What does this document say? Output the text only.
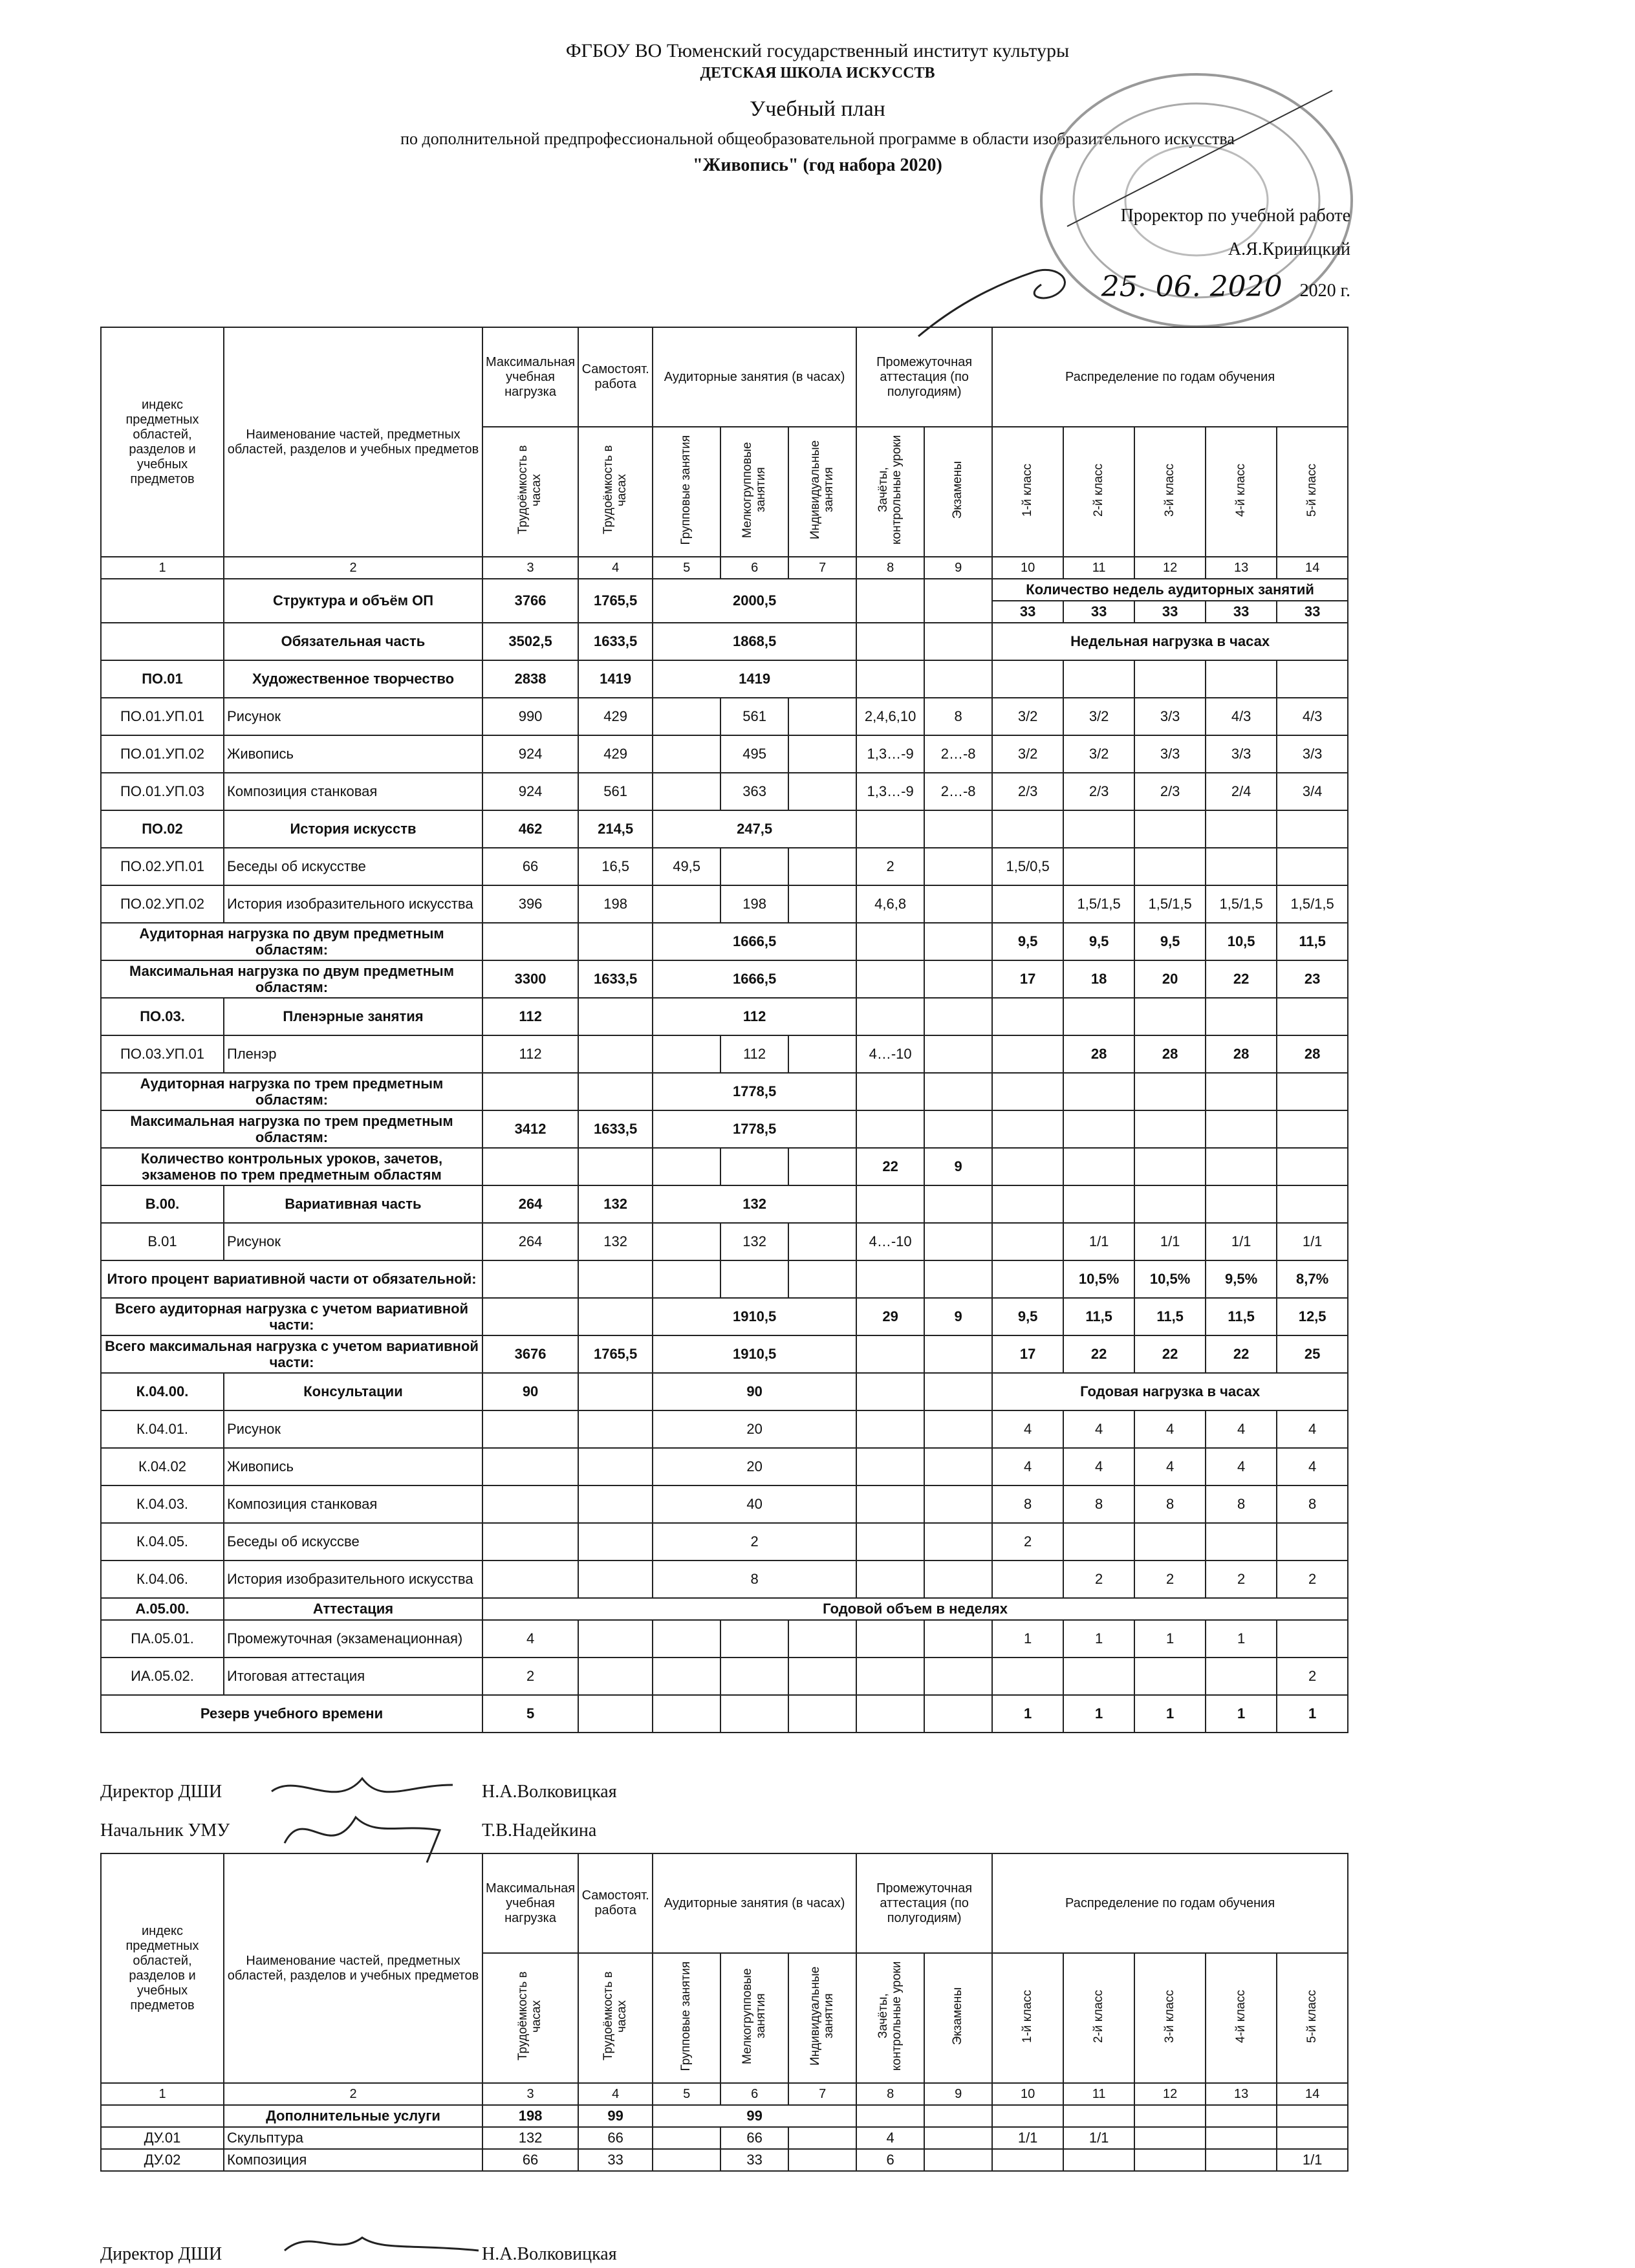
ФГБОУ ВО Тюменский государственный институт культуры
ДЕТСКАЯ ШКОЛА ИСКУССТВ
Учебный план
по дополнительной предпрофессиональной общеобразовательной программе в области изобразительного искусства
"Живопись" (год набора 2020)
Проректор по учебной работе
А.Я.Криницкий
25. 06. 2020 2020 г.
индекс предметных областей, разделов и учебных предметов	Наименование частей, предметных областей, разделов и учебных предметов	Максимальная учебная нагрузка	Самостоят. работа	Аудиторные занятия (в часах)			Промежуточная аттестация (по полугодиям)		Распределение по годам обучения				
		Трудоёмкость в часах	Трудоёмкость в часах	Групповые занятия	Мелкогрупповые занятия	Индивидуальные занятия	Зачёты, контрольные уроки	Экзамены	1-й класс	2-й класс	3-й класс	4-й класс	5-й класс
1	2	3	4	5	6	7	8	9	10	11	12	13	14
	Структура и объём ОП	3766	1765,5	2000,5					Количество недель аудиторных занятий				
									33	33	33	33	33
	Обязательная часть	3502,5	1633,5	1868,5					Недельная нагрузка в часах				
ПО.01	Художественное творчество	2838	1419	1419									
ПО.01.УП.01	Рисунок	990	429		561		2,4,6,10	8	3/2	3/2	3/3	4/3	4/3
ПО.01.УП.02	Живопись	924	429		495		1,3…-9	2…-8	3/2	3/2	3/3	3/3	3/3
ПО.01.УП.03	Композиция станковая	924	561		363		1,3…-9	2…-8	2/3	2/3	2/3	2/4	3/4
ПО.02	История искусств	462	214,5	247,5									
ПО.02.УП.01	Беседы об искусстве	66	16,5	49,5			2		1,5/0,5				
ПО.02.УП.02	История изобразительного искусства	396	198		198		4,6,8			1,5/1,5	1,5/1,5	1,5/1,5	1,5/1,5
Аудиторная нагрузка по двум предметным областям:				1666,5					9,5	9,5	9,5	10,5	11,5
Максимальная нагрузка по двум предметным областям:		3300	1633,5	1666,5					17	18	20	22	23
ПО.03.	Пленэрные занятия	112		112									
ПО.03.УП.01	Пленэр	112			112		4…-10			28	28	28	28
Аудиторная нагрузка по трем предметным областям:				1778,5									
Максимальная нагрузка по трем предметным областям:		3412	1633,5	1778,5									
Количество контрольных уроков, зачетов, экзаменов по трем предметным областям							22	9					
В.00.	Вариативная часть	264	132	132									
В.01	Рисунок	264	132		132		4…-10			1/1	1/1	1/1	1/1
Итого процент вариативной части от обязательной:										10,5%	10,5%	9,5%	8,7%
Всего аудиторная нагрузка с учетом вариативной части:				1910,5			29	9	9,5	11,5	11,5	11,5	12,5
Всего максимальная нагрузка с учетом вариативной части:		3676	1765,5	1910,5					17	22	22	22	25
К.04.00.	Консультации	90		90					Годовая нагрузка в часах				
К.04.01.	Рисунок			20					4	4	4	4	4
К.04.02	Живопись			20					4	4	4	4	4
К.04.03.	Композиция станковая			40					8	8	8	8	8
К.04.05.	Беседы об искуссве			2					2				
К.04.06.	История изобразительного искусства			8						2	2	2	2
А.05.00.	Аттестация	Годовой объем в неделях											
ПА.05.01.	Промежуточная (экзаменационная)	4							1	1	1	1	
ИА.05.02.	Итоговая аттестация	2											2
Резерв учебного времени		5							1	1	1	1	1
Директор ДШИ	Н.А.Волковицкая
Начальник УМУ	Т.В.Надейкина
индекс предметных областей, разделов и учебных предметов	Наименование частей, предметных областей, разделов и учебных предметов	Максимальная учебная нагрузка	Самостоят. работа	Аудиторные занятия (в часах)			Промежуточная аттестация (по полугодиям)		Распределение по годам обучения				
		Трудоёмкость в часах	Трудоёмкость в часах	Групповые занятия	Мелкогрупповые занятия	Индивидуальные занятия	Зачёты, контрольные уроки	Экзамены	1-й класс	2-й класс	3-й класс	4-й класс	5-й класс
1	2	3	4	5	6	7	8	9	10	11	12	13	14
	Дополнительные услуги	198	99	99									
ДУ.01	Скульптура	132	66		66		4		1/1	1/1			
ДУ.02	Композиция	66	33		33		6						1/1
Директор ДШИ	Н.А.Волковицкая
